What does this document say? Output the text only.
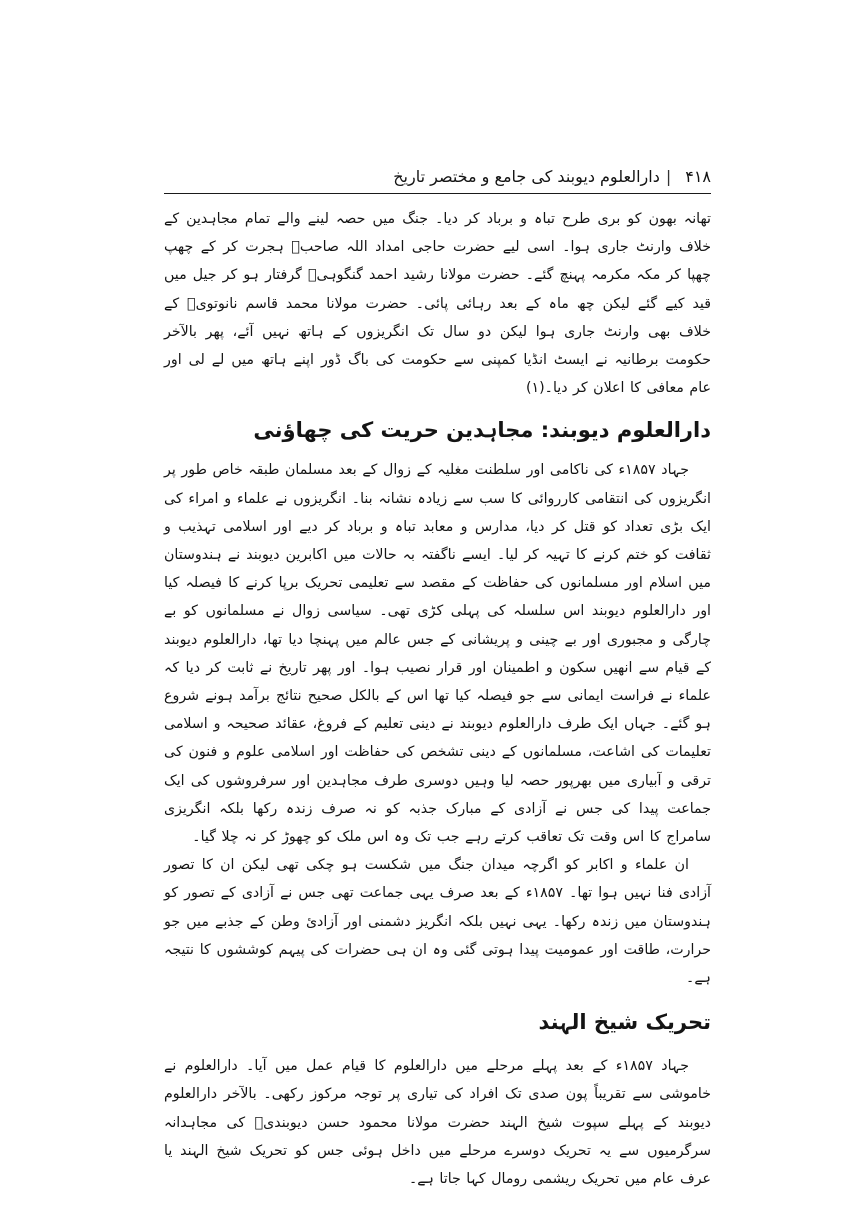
۴۱۸
|
دارالعلوم دیوبند کی جامع و مختصر تاریخ

تھانہ بھون کو بری طرح تباہ و برباد کر دیا۔ جنگ میں حصہ لینے والے تمام مجاہدین کے خلاف وارنٹ جاری ہوا۔ اسی لیے حضرت حاجی امداد اللہ صاحبؒ ہجرت کر کے چھپ چھپا کر مکہ مکرمہ پہنچ گئے۔ حضرت مولانا رشید احمد گنگوہیؒ گرفتار ہو کر جیل میں قید کیے گئے لیکن چھ ماہ کے بعد رہائی پائی۔ حضرت مولانا محمد قاسم نانوتویؒ کے خلاف بھی وارنٹ جاری ہوا لیکن دو سال تک انگریزوں کے ہاتھ نہیں آئے، پھر بالآخر حکومت برطانیہ نے ایسٹ انڈیا کمپنی سے حکومت کی باگ ڈور اپنے ہاتھ میں لے لی اور عام معافی کا اعلان کر دیا۔(۱)

دارالعلوم دیوبند: مجاہدین حریت کی چھاؤنی

جہاد ۱۸۵۷ء کی ناکامی اور سلطنت مغلیہ کے زوال کے بعد مسلمان طبقہ خاص طور پر انگریزوں کی انتقامی کارروائی کا سب سے زیادہ نشانہ بنا۔ انگریزوں نے علماء و امراء کی ایک بڑی تعداد کو قتل کر دیا، مدارس و معابد تباہ و برباد کر دیے اور اسلامی تہذیب و ثقافت کو ختم کرنے کا تہیہ کر لیا۔ ایسے ناگفتہ بہ حالات میں اکابرین دیوبند نے ہندوستان میں اسلام اور مسلمانوں کی حفاظت کے مقصد سے تعلیمی تحریک برپا کرنے کا فیصلہ کیا اور دارالعلوم دیوبند اس سلسلہ کی پہلی کڑی تھی۔ سیاسی زوال نے مسلمانوں کو بے چارگی و مجبوری اور بے چینی و پریشانی کے جس عالم میں پہنچا دیا تھا، دارالعلوم دیوبند کے قیام سے انھیں سکون و اطمینان اور قرار نصیب ہوا۔ اور پھر تاریخ نے ثابت کر دیا کہ علماء نے فراست ایمانی سے جو فیصلہ کیا تھا اس کے بالکل صحیح نتائج برآمد ہونے شروع ہو گئے۔ جہاں ایک طرف دارالعلوم دیوبند نے دینی تعلیم کے فروغ، عقائد صحیحہ و اسلامی تعلیمات کی اشاعت، مسلمانوں کے دینی تشخص کی حفاظت اور اسلامی علوم و فنون کی ترقی و آبیاری میں بھرپور حصہ لیا وہیں دوسری طرف مجاہدین اور سرفروشوں کی ایک جماعت پیدا کی جس نے آزادی کے مبارک جذبہ کو نہ صرف زندہ رکھا بلکہ انگریزی سامراج کا اس وقت تک تعاقب کرتے رہے جب تک وہ اس ملک کو چھوڑ کر نہ چلا گیا۔

ان علماء و اکابر کو اگرچہ میدان جنگ میں شکست ہو چکی تھی لیکن ان کا تصور آزادی فنا نہیں ہوا تھا۔ ۱۸۵۷ء کے بعد صرف یہی جماعت تھی جس نے آزادی کے تصور کو ہندوستان میں زندہ رکھا۔ یہی نہیں بلکہ انگریز دشمنی اور آزادئ وطن کے جذبے میں جو حرارت، طاقت اور عمومیت پیدا ہوتی گئی وہ ان ہی حضرات کی پیہم کوششوں کا نتیجہ ہے۔

تحریک شیخ الہند

جہاد ۱۸۵۷ء کے بعد پہلے مرحلے میں دارالعلوم کا قیام عمل میں آیا۔ دارالعلوم نے خاموشی سے تقریباً پون صدی تک افراد کی تیاری پر توجہ مرکوز رکھی۔ بالآخر دارالعلوم دیوبند کے پہلے سپوت شیخ الہند حضرت مولانا محمود حسن دیوبندیؒ کی مجاہدانہ سرگرمیوں سے یہ تحریک دوسرے مرحلے میں داخل ہوئی جس کو تحریک شیخ الہند یا عرف عام میں تحریک ریشمی رومال کہا جاتا ہے۔
